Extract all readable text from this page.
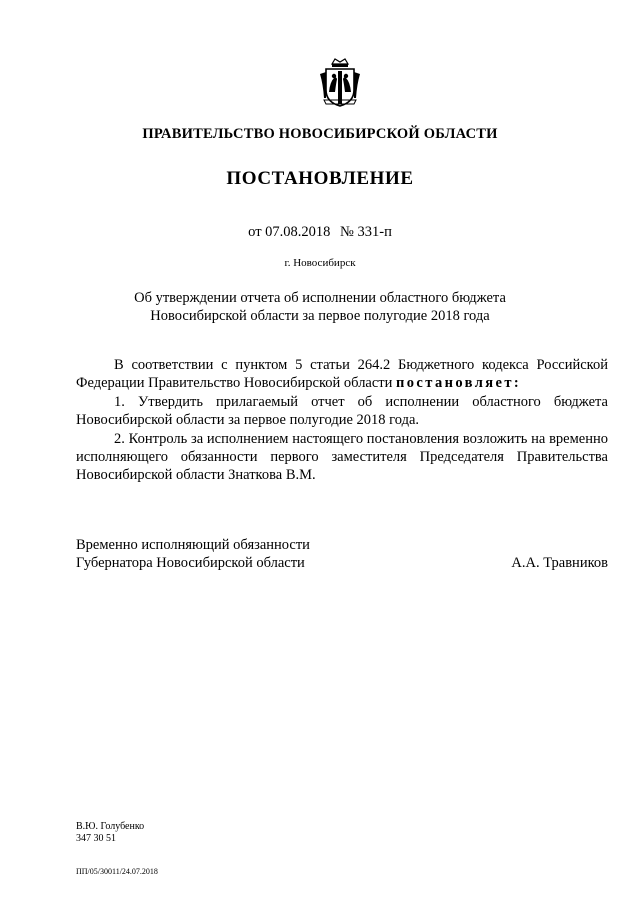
ПРАВИТЕЛЬСТВО НОВОСИБИРСКОЙ ОБЛАСТИ
ПОСТАНОВЛЕНИЕ
от 07.08.2018 № 331-п
г. Новосибирск
Об утверждении отчета об исполнении областного бюджета
Новосибирской области за первое полугодие 2018 года

В соответствии с пунктом 5 статьи 264.2 Бюджетного кодекса Российской Федерации Правительство Новосибирской области постановляет:

1. Утвердить прилагаемый отчет об исполнении областного бюджета Новосибирской области за первое полугодие 2018 года.

2. Контроль за исполнением настоящего постановления возложить на временно исполняющего обязанности первого заместителя Председателя Правительства Новосибирской области Знаткова В.М.

Временно исполняющий обязанности
Губернатора Новосибирской области	А.А. Травников
В.Ю. Голубенко
347 30 51
ПП/05/30011/24.07.2018
